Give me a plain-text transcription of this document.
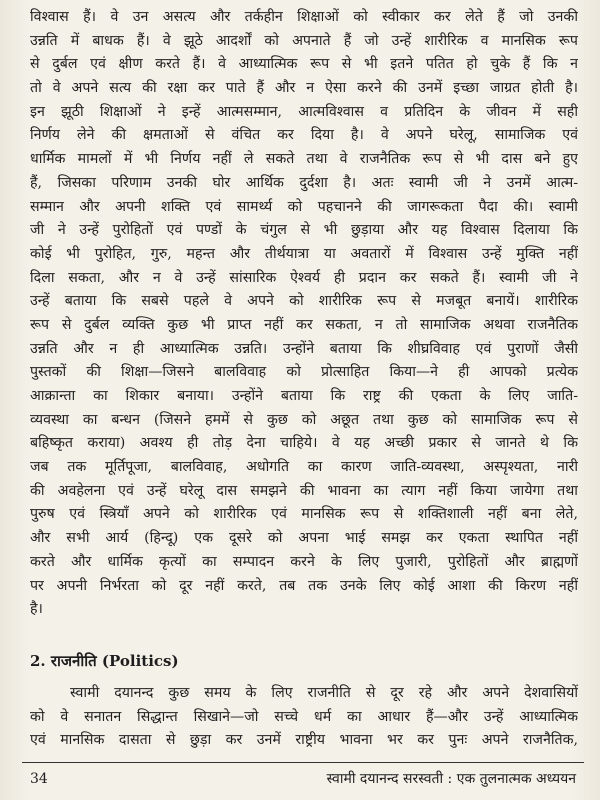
विश्वास हैं। वे उन असत्य और तर्कहीन शिक्षाओं को स्वीकार कर लेते हैं जो उनकी
उन्नति में बाधक हैं। वे झूठे आदर्शों को अपनाते हैं जो उन्हें शारीरिक व मानसिक रूप
से दुर्बल एवं क्षीण करते हैं। वे आध्यात्मिक रूप से भी इतने पतित हो चुके हैं कि न
तो वे अपने सत्य की रक्षा कर पाते हैं और न ऐसा करने की उनमें इच्छा जाग्रत होती है।
इन झूठी शिक्षाओं ने इन्हें आत्मसम्मान, आत्मविश्वास व प्रतिदिन के जीवन में सही
निर्णय लेने की क्षमताओं से वंचित कर दिया है। वे अपने घरेलू, सामाजिक एवं
धार्मिक मामलों में भी निर्णय नहीं ले सकते तथा वे राजनैतिक रूप से भी दास बने हुए
हैं, जिसका परिणाम उनकी घोर आर्थिक दुर्दशा है। अतः स्वामी जी ने उनमें आत्म-
सम्मान और अपनी शक्ति एवं सामर्थ्य को पहचानने की जागरूकता पैदा की। स्वामी
जी ने उन्हें पुरोहितों एवं पण्डों के चंगुल से भी छुड़ाया और यह विश्वास दिलाया कि
कोई भी पुरोहित, गुरु, महन्त और तीर्थयात्रा या अवतारों में विश्वास उन्हें मुक्ति नहीं
दिला सकता, और न वे उन्हें सांसारिक ऐश्वर्य ही प्रदान कर सकते हैं। स्वामी जी ने
उन्हें बताया कि सबसे पहले वे अपने को शारीरिक रूप से मजबूत बनायें। शारीरिक
रूप से दुर्बल व्यक्ति कुछ भी प्राप्त नहीं कर सकता, न तो सामाजिक अथवा राजनैतिक
उन्नति और न ही आध्यात्मिक उन्नति। उन्होंने बताया कि शीघ्रविवाह एवं पुराणों जैसी
पुस्तकों की शिक्षा—जिसने बालविवाह को प्रोत्साहित किया—ने ही आपको प्रत्येक
आक्रान्ता का शिकार बनाया। उन्होंने बताया कि राष्ट्र की एकता के लिए जाति-
व्यवस्था का बन्धन (जिसने हममें से कुछ को अछूत तथा कुछ को सामाजिक रूप से
बहिष्कृत कराया) अवश्य ही तोड़ देना चाहिये। वे यह अच्छी प्रकार से जानते थे कि
जब तक मूर्तिपूजा, बालविवाह, अधोगति का कारण जाति-व्यवस्था, अस्पृश्यता, नारी
की अवहेलना एवं उन्हें घरेलू दास समझने की भावना का त्याग नहीं किया जायेगा तथा
पुरुष एवं स्त्रियाँ अपने को शारीरिक एवं मानसिक रूप से शक्तिशाली नहीं बना लेते,
और सभी आर्य (हिन्दू) एक दूसरे को अपना भाई समझ कर एकता स्थापित नहीं
करते और धार्मिक कृत्यों का सम्पादन करने के लिए पुजारी, पुरोहितों और ब्राह्मणों
पर अपनी निर्भरता को दूर नहीं करते, तब तक उनके लिए कोई आशा की किरण नहीं
है।
2. राजनीति (Politics)
स्वामी दयानन्द कुछ समय के लिए राजनीति से दूर रहे और अपने देशवासियों
को वे सनातन सिद्धान्त सिखाने—जो सच्चे धर्म का आधार हैं—और उन्हें आध्यात्मिक
एवं मानसिक दासता से छुड़ा कर उनमें राष्ट्रीय भावना भर कर पुनः अपने राजनैतिक,
34	स्वामी दयानन्द सरस्वती : एक तुलनात्मक अध्ययन
